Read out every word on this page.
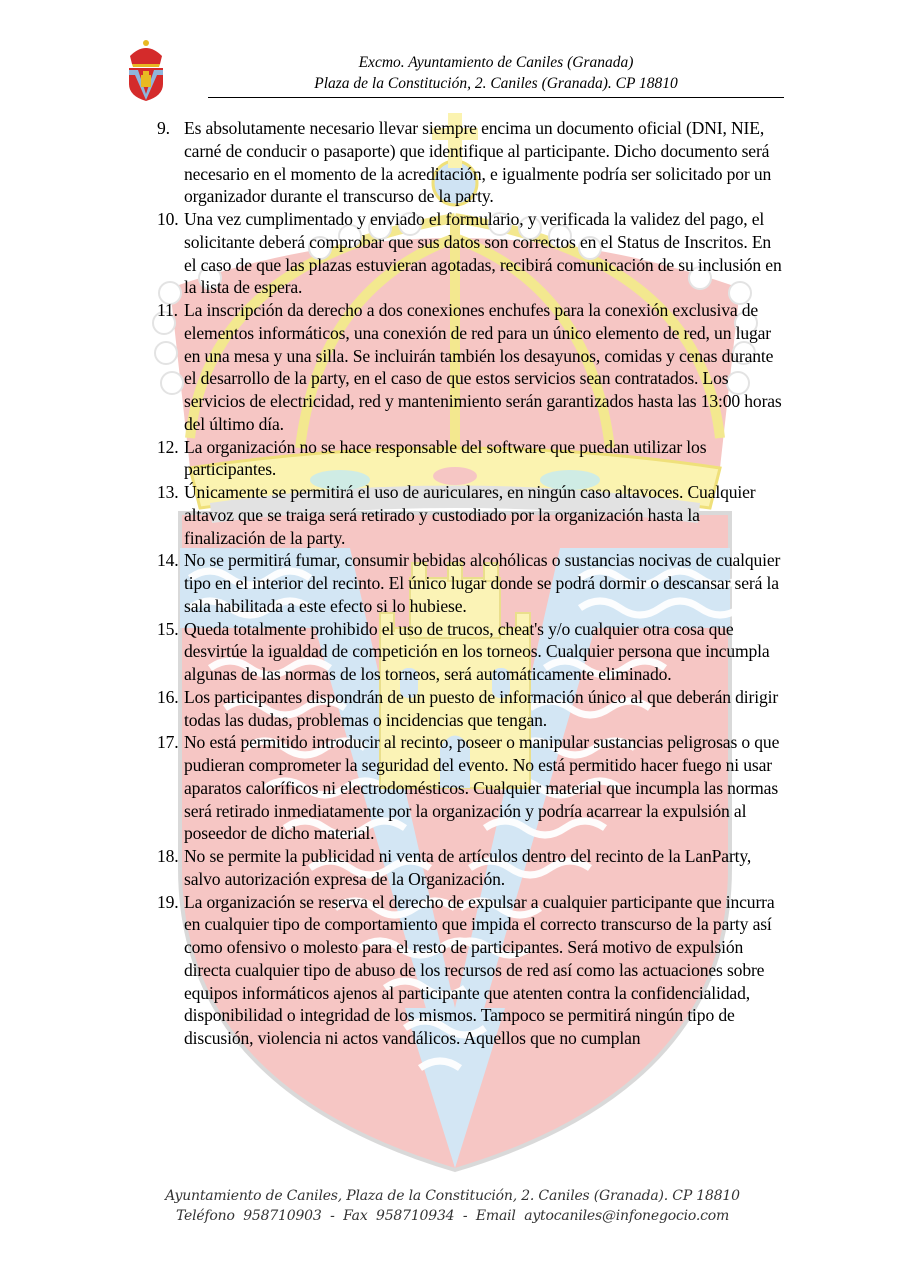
Excmo. Ayuntamiento de Caniles (Granada)
Plaza de la Constitución, 2. Caniles (Granada). CP 18810
9. Es absolutamente necesario llevar siempre encima un documento oficial (DNI, NIE, carné de conducir o pasaporte) que identifique al participante. Dicho documento será necesario en el momento de la acreditación, e igualmente podría ser solicitado por un organizador durante el transcurso de la party.
10. Una vez cumplimentado y enviado el formulario, y verificada la validez del pago, el solicitante deberá comprobar que sus datos son correctos en el Status de Inscritos. En el caso de que las plazas estuvieran agotadas, recibirá comunicación de su inclusión en la lista de espera.
11. La inscripción da derecho a dos conexiones enchufes para la conexión exclusiva de elementos informáticos, una conexión de red para un único elemento de red, un lugar en una mesa y una silla. Se incluirán también los desayunos, comidas y cenas durante el desarrollo de la party, en el caso de que estos servicios sean contratados. Los servicios de electricidad, red y mantenimiento serán garantizados hasta las 13:00 horas del último día.
12. La organización no se hace responsable del software que puedan utilizar los participantes.
13. Únicamente se permitirá el uso de auriculares, en ningún caso altavoces. Cualquier altavoz que se traiga será retirado y custodiado por la organización hasta la finalización de la party.
14. No se permitirá fumar, consumir bebidas alcohólicas o sustancias nocivas de cualquier tipo en el interior del recinto. El único lugar donde se podrá dormir o descansar será la sala habilitada a este efecto si lo hubiese.
15. Queda totalmente prohibido el uso de trucos, cheat's y/o cualquier otra cosa que desvirtúe la igualdad de competición en los torneos. Cualquier persona que incumpla algunas de las normas de los torneos, será automáticamente eliminado.
16. Los participantes dispondrán de un puesto de información único al que deberán dirigir todas las dudas, problemas o incidencias que tengan.
17. No está permitido introducir al recinto, poseer o manipular sustancias peligrosas o que pudieran comprometer la seguridad del evento. No está permitido hacer fuego ni usar aparatos caloríficos ni electrodomésticos. Cualquier material que incumpla las normas será retirado inmediatamente por la organización y podría acarrear la expulsión al poseedor de dicho material.
18. No se permite la publicidad ni venta de artículos dentro del recinto de la LanParty, salvo autorización expresa de la Organización.
19. La organización se reserva el derecho de expulsar a cualquier participante que incurra en cualquier tipo de comportamiento que impida el correcto transcurso de la party así como ofensivo o molesto para el resto de participantes. Será motivo de expulsión directa cualquier tipo de abuso de los recursos de red así como las actuaciones sobre equipos informáticos ajenos al participante que atenten contra la confidencialidad, disponibilidad o integridad de los mismos. Tampoco se permitirá ningún tipo de discusión, violencia ni actos vandálicos. Aquellos que no cumplan
Ayuntamiento de Caniles, Plaza de la Constitución, 2. Caniles (Granada). CP 18810
Teléfono  958710903  -  Fax  958710934  -  Email  aytocaniles@infonegocio.com
